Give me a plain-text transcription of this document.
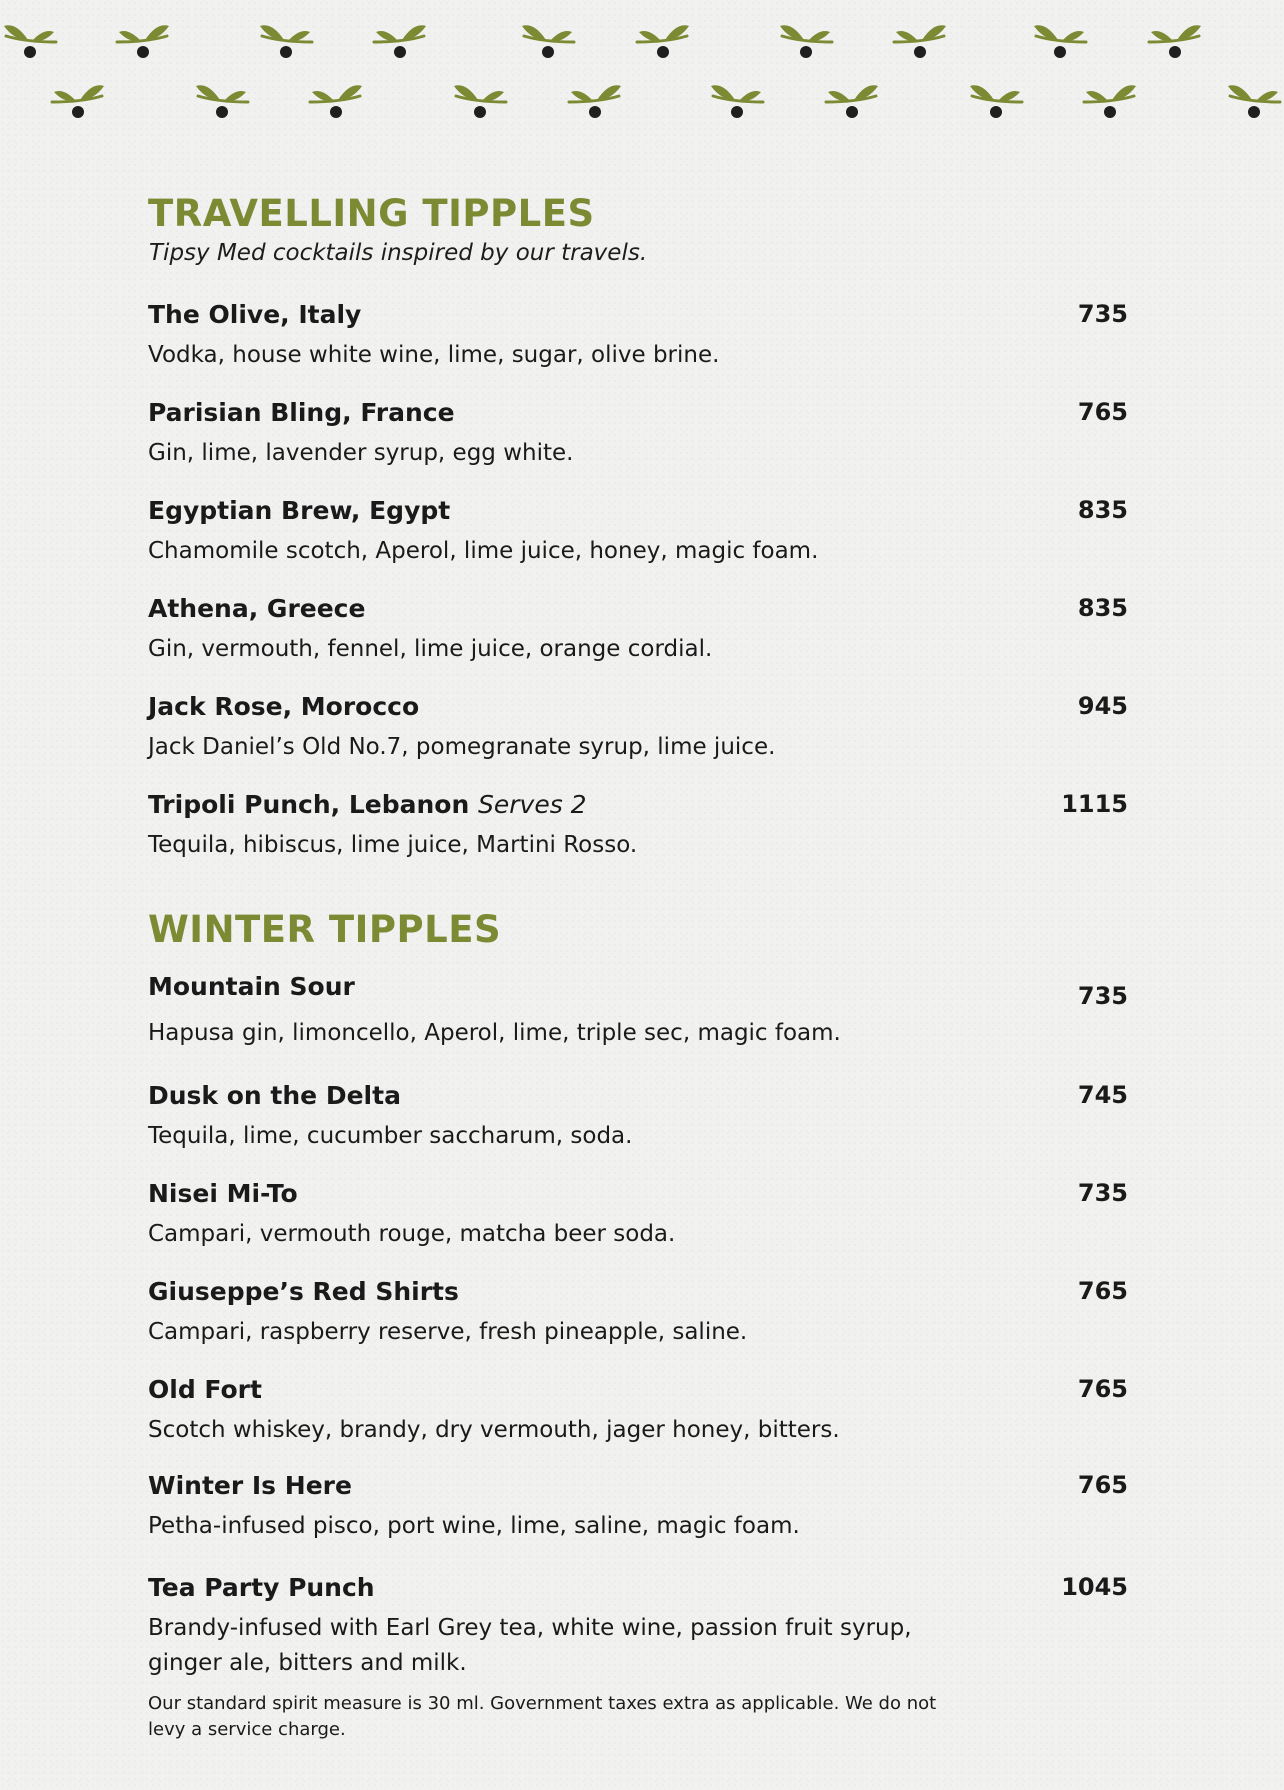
TRAVELLING TIPPLES
Tipsy Med cocktails inspired by our travels.
The Olive, Italy	735
Vodka, house white wine, lime, sugar, olive brine.
Parisian Bling, France	765
Gin, lime, lavender syrup, egg white.
Egyptian Brew, Egypt	835
Chamomile scotch, Aperol, lime juice, honey, magic foam.
Athena, Greece	835
Gin, vermouth, fennel, lime juice, orange cordial.
Jack Rose, Morocco	945
Jack Daniel’s Old No.7, pomegranate syrup, lime juice.
Tripoli Punch, Lebanon Serves 2	1115
Tequila, hibiscus, lime juice, Martini Rosso.
WINTER TIPPLES
Mountain Sour	735
Hapusa gin, limoncello, Aperol, lime, triple sec, magic foam.
Dusk on the Delta	745
Tequila, lime, cucumber saccharum, soda.
Nisei Mi-To	735
Campari, vermouth rouge, matcha beer soda.
Giuseppe’s Red Shirts	765
Campari, raspberry reserve, fresh pineapple, saline.
Old Fort	765
Scotch whiskey, brandy, dry vermouth, jager honey, bitters.
Winter Is Here	765
Petha-infused pisco, port wine, lime, saline, magic foam.
Tea Party Punch	1045
Brandy-infused with Earl Grey tea, white wine, passion fruit syrup, ginger ale, bitters and milk.
Our standard spirit measure is 30 ml. Government taxes extra as applicable. We do not levy a service charge.
